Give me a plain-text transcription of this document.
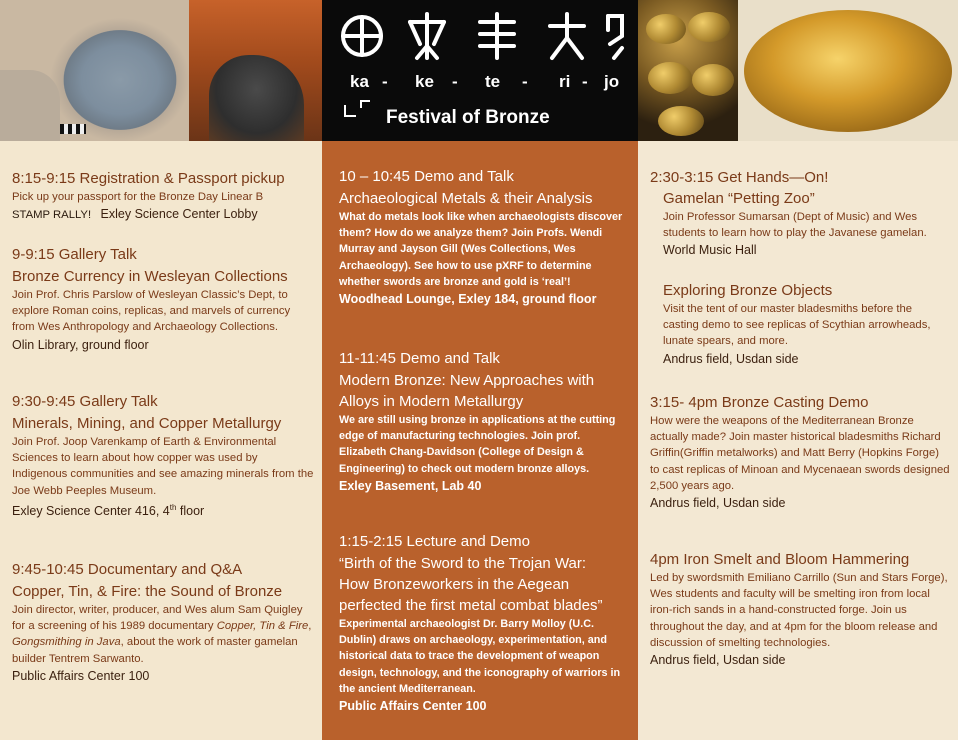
ka - ke - te - ri - jo
Festival of Bronze

8:15-9:15 Registration & Passport pickup

Pick up your passport for the Bronze Day Linear B

STAMP RALLY! Exley Science Center Lobby

9-9:15 Gallery Talk

Bronze Currency in Wesleyan Collections

Join Prof. Chris Parslow of Wesleyan Classic’s Dept, to explore Roman coins, replicas, and marvels of currency from Wes Anthropology and Archaeology Collections.

Olin Library, ground floor

9:30-9:45 Gallery Talk

Minerals, Mining, and Copper Metallurgy

Join Prof. Joop Varenkamp of Earth & Environmental Sciences to learn about how copper was used by Indigenous communities and see amazing minerals from the Joe Webb Peeples Museum.

Exley Science Center 416, 4th floor

9:45-10:45 Documentary and Q&A

Copper, Tin, & Fire: the Sound of Bronze

Join director, writer, producer, and Wes alum Sam Quigley for a screening of his 1989 documentary Copper, Tin & Fire, Gongsmithing in Java, about the work of master gamelan builder Tentrem Sarwanto.

Public Affairs Center 100

10 – 10:45 Demo and Talk

Archaeological Metals & their Analysis

What do metals look like when archaeologists discover them? How do we analyze them? Join Profs. Wendi Murray and Jayson Gill (Wes Collections, Wes Archaeology). See how to use pXRF to determine whether swords are bronze and gold is ‘real’!

Woodhead Lounge, Exley 184, ground floor

11-11:45 Demo and Talk

Modern Bronze: New Approaches with

Alloys in Modern Metallurgy

We are still using bronze in applications at the cutting edge of manufacturing technologies. Join prof. Elizabeth Chang-Davidson (College of Design & Engineering) to check out modern bronze alloys.

Exley Basement, Lab 40

1:15-2:15 Lecture and Demo

“Birth of the Sword to the Trojan War:

How Bronzeworkers in the Aegean

perfected the first metal combat blades”

Experimental archaeologist Dr. Barry Molloy (U.C. Dublin) draws on archaeology, experimentation, and historical data to trace the development of weapon design, technology, and the iconography of warriors in the ancient Mediterranean.

Public Affairs Center 100

2:30-3:15 Get Hands—On!

Gamelan “Petting Zoo”

Join Professor Sumarsan (Dept of Music) and Wes students to learn how to play the Javanese gamelan.

World Music Hall

Exploring Bronze Objects

Visit the tent of our master bladesmiths before the casting demo to see replicas of Scythian arrowheads, lunate spears, and more.

Andrus field, Usdan side

3:15- 4pm Bronze Casting Demo

How were the weapons of the Mediterranean Bronze actually made? Join master historical bladesmiths Richard Griffin(Griffin metalworks) and Matt Berry (Hopkins Forge) to cast replicas of Minoan and Mycenaean swords designed 2,500 years ago.

Andrus field, Usdan side

4pm Iron Smelt and Bloom Hammering

Led by swordsmith Emiliano Carrillo (Sun and Stars Forge), Wes students and faculty will be smelting iron from local iron-rich sands in a hand-constructed forge. Join us throughout the day, and at 4pm for the bloom release and discussion of smelting technologies.

Andrus field, Usdan side
